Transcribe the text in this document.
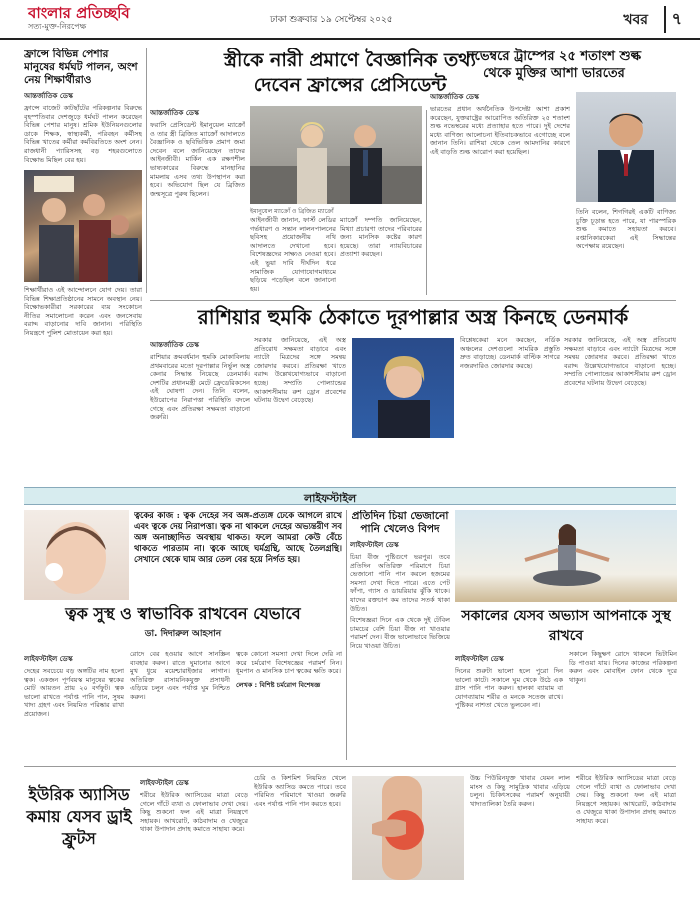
বাংলার প্রতিচ্ছবি
সত্য-মুক্ত-নিরপেক্ষ
ঢাকা শুক্রবার ১৯ সেপ্টেম্বর ২০২৫	খবর	৭
ফ্রান্সে বিভিন্ন পেশার মানুষের ধর্মঘট পালন, অংশ নেয় শিক্ষার্থীরাও
আন্তর্জাতিক ডেস্ক
ফ্রান্সে বাজেট কাটছাঁটের পরিকল্পনার বিরুদ্ধে বৃহস্পতিবার দেশজুড়ে ধর্মঘট পালন করেছেন বিভিন্ন পেশার মানুষ। শ্রমিক ইউনিয়নগুলোর ডাকে শিক্ষক, স্বাস্থ্যকর্মী, পরিবহন কর্মীসহ বিভিন্ন খাতের কর্মীরা কর্মবিরতিতে অংশ নেন। রাজধানী প্যারিসসহ বড় শহরগুলোতে বিক্ষোভ মিছিল বের হয়।
শিক্ষার্থীরাও এই আন্দোলনে যোগ দেয়। তারা বিভিন্ন শিক্ষাপ্রতিষ্ঠানের সামনে অবস্থান নেয়। বিক্ষোভকারীরা সরকারের ব্যয় সংকোচন নীতির সমালোচনা করেন এবং জনসেবায় বরাদ্দ বাড়ানোর দাবি জানান। পরিস্থিতি নিয়ন্ত্রণে পুলিশ মোতায়েন করা হয়।
স্ত্রীকে নারী প্রমাণে বৈজ্ঞানিক তথ্য
দেবেন ফ্রান্সের প্রেসিডেন্ট
আন্তর্জাতিক ডেস্ক
ফরাসি প্রেসিডেন্ট ইমানুয়েল ম্যাক্রোঁ ও তার স্ত্রী ব্রিজিত ম্যাক্রোঁ আদালতে বৈজ্ঞানিক ও ছবিভিত্তিক প্রমাণ জমা দেবেন বলে জানিয়েছেন তাদের আইনজীবী। মার্কিন এক রক্ষণশীল ভাষ্যকারের বিরুদ্ধে মানহানির মামলায় এসব তথ্য উপস্থাপন করা হবে। অভিযোগ ছিল যে ব্রিজিত জন্মসূত্রে পুরুষ ছিলেন।
ইমানুয়েল ম্যাক্রোঁ ও ব্রিজিত ম্যাক্রোঁ
আইনজীবী জানান, ফার্স্ট লেডির গর্ভধারণ ও সন্তান লালনপালনের ছবিসহ প্রয়োজনীয় নথি আদালতে দেখানো হবে। বিশেষজ্ঞদের সাক্ষ্যও নেওয়া হবে। এই ভুয়া দাবি দীর্ঘদিন ধরে সামাজিক যোগাযোগমাধ্যমে ছড়িয়ে পড়েছিল বলে জানানো হয়।
ম্যাক্রোঁ দম্পতি জানিয়েছেন, মিথ্যা প্রচারণা তাদের পরিবারের জন্য মানসিক কষ্টের কারণ হয়েছে। তারা ন্যায়বিচারের প্রত্যাশা করছেন।
নভেম্বরে ট্রাম্পের ২৫ শতাংশ শুল্ক
থেকে মুক্তির আশা ভারতের
আন্তর্জাতিক ডেস্ক
ভারতের প্রধান অর্থনৈতিক উপদেষ্টা আশা প্রকাশ করেছেন, যুক্তরাষ্ট্রের আরোপিত অতিরিক্ত ২৫ শতাংশ শুল্ক নভেম্বরের মধ্যে প্রত্যাহার হতে পারে। দুই দেশের মধ্যে বাণিজ্য আলোচনা ইতিবাচকভাবে এগোচ্ছে বলে জানান তিনি। রাশিয়া থেকে তেল আমদানির কারণে এই বাড়তি শুল্ক আরোপ করা হয়েছিল।
তিনি বলেন, শিগগিরই একটি বাণিজ্য চুক্তি চূড়ান্ত হতে পারে, যা পারস্পরিক শুল্ক কমাতে সহায়তা করবে। রপ্তানিকারকেরা এই সিদ্ধান্তের অপেক্ষায় রয়েছেন।
রাশিয়ার হুমকি ঠেকাতে দূরপাল্লার অস্ত্র কিনছে ডেনমার্ক
আন্তর্জাতিক ডেস্ক
রাশিয়ার ক্রমবর্ধমান হুমকি মোকাবিলায় প্রথমবারের মতো দূরপাল্লার নির্ভুল অস্ত্র কেনার সিদ্ধান্ত নিয়েছে ডেনমার্ক। দেশটির প্রধানমন্ত্রী মেটে ফ্রেডেরিকসেন এই ঘোষণা দেন। তিনি বলেন, ইউরোপের নিরাপত্তা পরিস্থিতি বদলে গেছে এবং প্রতিরক্ষা সক্ষমতা বাড়ানো জরুরি।
সরকার জানিয়েছে, এই অস্ত্র প্রতিরোধ সক্ষমতা বাড়াবে এবং ন্যাটো মিত্রদের সঙ্গে সমন্বয় জোরদার করবে। প্রতিরক্ষা খাতে বরাদ্দ উল্লেখযোগ্যভাবে বাড়ানো হচ্ছে। সম্প্রতি পোল্যান্ডের আকাশসীমায় রুশ ড্রোন প্রবেশের ঘটনায় উদ্বেগ বেড়েছে।
বিশ্লেষকেরা মনে করছেন, নর্ডিক অঞ্চলের দেশগুলো সামরিক প্রস্তুতি দ্রুত বাড়াচ্ছে। ডেনমার্ক বাল্টিক সাগরে নজরদারিও জোরদার করছে।
সরকার জানিয়েছে, এই অস্ত্র প্রতিরোধ সক্ষমতা বাড়াবে এবং ন্যাটো মিত্রদের সঙ্গে সমন্বয় জোরদার করবে। প্রতিরক্ষা খাতে বরাদ্দ উল্লেখযোগ্যভাবে বাড়ানো হচ্ছে। সম্প্রতি পোল্যান্ডের আকাশসীমায় রুশ ড্রোন প্রবেশের ঘটনায় উদ্বেগ বেড়েছে।
লাইফস্টাইল
ত্বকের কাজ : ত্বক দেহের সব অঙ্গ-প্রত্যঙ্গ ঢেকে আগলে রাখে এবং ত্বকে দেয় নিরাপত্তা। ত্বক না থাকলে দেহের অভ্যন্তরীণ সব অঙ্গ অনাচ্ছাদিত অবস্থায় থাকত। ফলে আমরা কেউ বেঁচে থাকতে পারতাম না। ত্বকে আছে ঘর্মগ্রন্থি, আছে তৈলগ্রন্থি। সেখানে থেকে ঘাম আর তেল বের হয়ে নির্গত হয়।
ত্বক সুস্থ ও স্বাভাবিক রাখবেন যেভাবে
ডা. দিদারুল আহসান
লাইফস্টাইল ডেস্ক
দেহের সবচেয়ে বড় অঙ্গটির নাম হলো ত্বক। একজন পূর্ণবয়স্ক মানুষের ত্বকের মোট আয়তন প্রায় ২০ বর্গফুট। ত্বক ভালো রাখতে পর্যাপ্ত পানি পান, সুষম খাদ্য গ্রহণ এবং নিয়মিত পরিষ্কার রাখা প্রয়োজন।
রোদে বের হওয়ার আগে সানস্ক্রিন ব্যবহার করুন। রাতে ঘুমানোর আগে মুখ ধুয়ে ময়েশ্চারাইজার লাগান। অতিরিক্ত রাসায়নিকযুক্ত প্রসাধনী এড়িয়ে চলুন এবং পর্যাপ্ত ঘুম নিশ্চিত করুন।
ত্বকে কোনো সমস্যা দেখা দিলে দেরি না করে চর্মরোগ বিশেষজ্ঞের পরামর্শ নিন। ধূমপান ও মানসিক চাপ ত্বকের ক্ষতি করে।
লেখক : বিশিষ্ট চর্মরোগ বিশেষজ্ঞ
প্রতিদিন চিয়া ভেজানো পানি খেলেও বিপদ
লাইফস্টাইল ডেস্ক
চিয়া বীজ পুষ্টিগুণে ভরপুর। তবে প্রতিদিন অতিরিক্ত পরিমাণে চিয়া ভেজানো পানি পান করলে হজমের সমস্যা দেখা দিতে পারে। এতে পেট ফাঁপা, গ্যাস ও ডায়রিয়ার ঝুঁকি থাকে। যাদের রক্তচাপ কম তাদের সতর্ক থাকা উচিত।
বিশেষজ্ঞরা দিনে এক থেকে দুই টেবিল চামচের বেশি চিয়া বীজ না খাওয়ার পরামর্শ দেন। বীজ ভালোভাবে ভিজিয়ে নিয়ে খাওয়া উচিত।
সকালের যেসব অভ্যাস আপনাকে সুস্থ রাখবে
লাইফস্টাইল ডেস্ক
দিনের শুরুটা ভালো হলে পুরো দিন ভালো কাটে। সকালে ঘুম থেকে উঠে এক গ্লাস পানি পান করুন। হালকা ব্যায়াম বা যোগব্যায়াম শরীর ও মনকে সতেজ রাখে। পুষ্টিকর নাশতা খেতে ভুলবেন না।
সকালে কিছুক্ষণ রোদে থাকলে ভিটামিন ডি পাওয়া যায়। দিনের কাজের পরিকল্পনা করুন এবং মোবাইল ফোন থেকে দূরে থাকুন।
ইউরিক অ্যাসিড কমায় যেসব ড্রাই ফ্রুটস
লাইফস্টাইল ডেস্ক
শরীরে ইউরিক অ্যাসিডের মাত্রা বেড়ে গেলে গাঁটে ব্যথা ও ফোলাভাব দেখা দেয়। কিছু শুকনো ফল এই মাত্রা নিয়ন্ত্রণে সহায়ক। আখরোট, কাঠবাদাম ও খেজুরে থাকা উপাদান প্রদাহ কমাতে সাহায্য করে।
চেরি ও কিশমিশ নিয়মিত খেলে ইউরিক অ্যাসিড কমতে পারে। তবে পরিমিত পরিমাণে খাওয়া জরুরি এবং পর্যাপ্ত পানি পান করতে হবে।
উচ্চ পিউরিনযুক্ত খাবার যেমন লাল মাংস ও কিছু সামুদ্রিক খাবার এড়িয়ে চলুন। চিকিৎসকের পরামর্শ অনুযায়ী খাদ্যতালিকা তৈরি করুন।
শরীরে ইউরিক অ্যাসিডের মাত্রা বেড়ে গেলে গাঁটে ব্যথা ও ফোলাভাব দেখা দেয়। কিছু শুকনো ফল এই মাত্রা নিয়ন্ত্রণে সহায়ক। আখরোট, কাঠবাদাম ও খেজুরে থাকা উপাদান প্রদাহ কমাতে সাহায্য করে।
